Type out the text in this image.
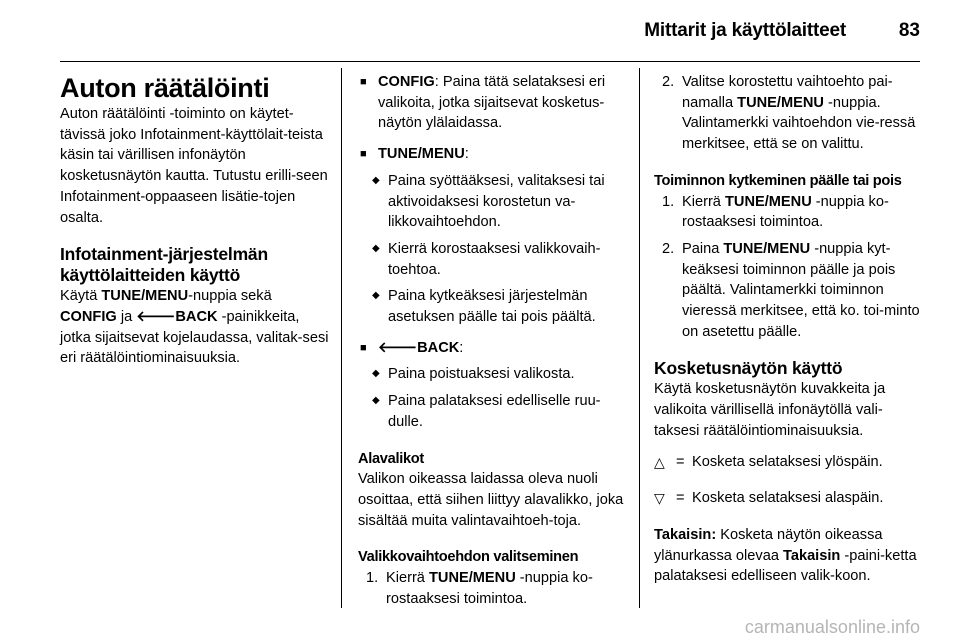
Mittarit ja käyttölaitteet	83

Auton räätälöinti

Auton räätälöinti -toiminto on käytet-tävissä joko Infotainment-käyttölait-teista käsin tai värillisen infonäytön kosketusnäytön kautta. Tutustu erilli-seen Infotainment-oppaaseen lisätie-tojen osalta.

Infotainment-järjestelmän
käyttölaitteiden käyttö

Käytä TUNE/MENU-nuppia sekä
CONFIG ja 🡐BACK -painikkeita, jotka sijaitsevat kojelaudassa, valitak-sesi eri räätälöintiominaisuuksia.

■ CONFIG: Paina tätä selataksesi eri valikoita, jotka sijaitsevat kosketus-näytön ylälaidassa.

■ TUNE/MENU:

◆ Paina syöttääksesi, valitaksesi tai aktivoidaksesi korostetun va-likkovaihtoehdon.

◆ Kierrä korostaaksesi valikkovaih-toehtoa.

◆ Paina kytkeäksesi järjestelmän asetuksen päälle tai pois päältä.

■ 🡐BACK:

◆ Paina poistuaksesi valikosta.

◆ Paina palataksesi edelliselle ruu-dulle.

Alavalikot

Valikon oikeassa laidassa oleva nuoli osoittaa, että siihen liittyy alavalikko, joka sisältää muita valintavaihtoeh-toja.

Valikkovaihtoehdon valitseminen

1. Kierrä TUNE/MENU -nuppia ko-rostaaksesi toimintoa.

2. Valitse korostettu vaihtoehto pai-namalla TUNE/MENU -nuppia. Valintamerkki vaihtoehdon vie-ressä merkitsee, että se on valittu.

Toiminnon kytkeminen päälle tai pois

1. Kierrä TUNE/MENU -nuppia ko-rostaaksesi toimintoa.

2. Paina TUNE/MENU -nuppia kyt-keäksesi toiminnon päälle ja pois päältä. Valintamerkki toiminnon vieressä merkitsee, että ko. toi-minto on asetettu päälle.

Kosketusnäytön käyttö

Käytä kosketusnäytön kuvakkeita ja valikoita värillisellä infonäytöllä vali-taksesi räätälöintiominaisuuksia.

△ = Kosketa selataksesi ylöspäin.

▽ = Kosketa selataksesi alaspäin.

Takaisin: Kosketa näytön oikeassa ylänurkassa olevaa Takaisin -paini-ketta palataksesi edelliseen valik-koon.

carmanualsonline.info
